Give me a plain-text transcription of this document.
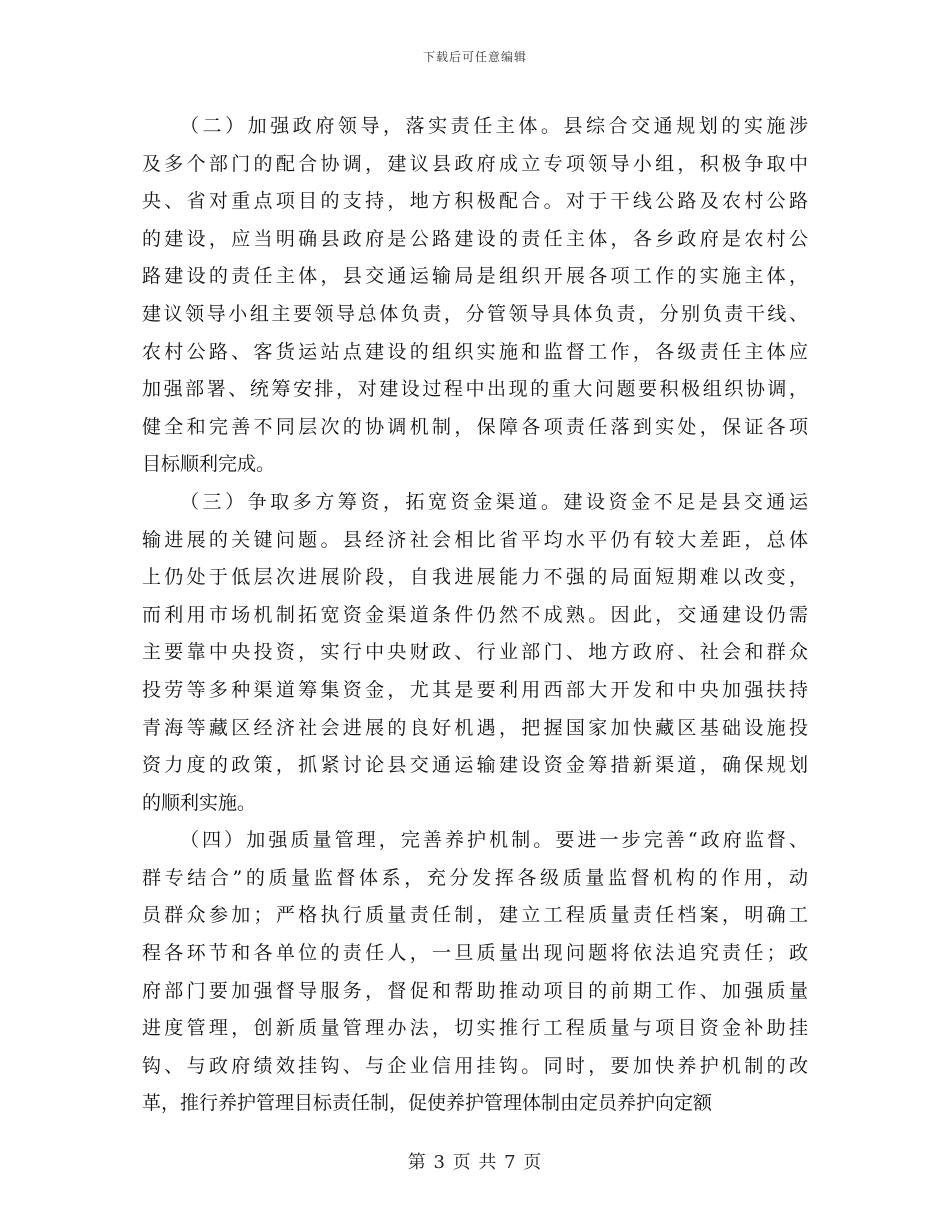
下载后可任意编辑
（二）加强政府领导，落实责任主体。县综合交通规划的实施涉
及多个部门的配合协调，建议县政府成立专项领导小组，积极争取中
央、省对重点项目的支持，地方积极配合。对于干线公路及农村公路
的建设，应当明确县政府是公路建设的责任主体，各乡政府是农村公
路建设的责任主体，县交通运输局是组织开展各项工作的实施主体，
建议领导小组主要领导总体负责，分管领导具体负责，分别负责干线、
农村公路、客货运站点建设的组织实施和监督工作，各级责任主体应
加强部署、统筹安排，对建设过程中出现的重大问题要积极组织协调，
健全和完善不同层次的协调机制，保障各项责任落到实处，保证各项
目标顺利完成。
（三）争取多方筹资，拓宽资金渠道。建设资金不足是县交通运
输进展的关键问题。县经济社会相比省平均水平仍有较大差距，总体
上仍处于低层次进展阶段，自我进展能力不强的局面短期难以改变，
而利用市场机制拓宽资金渠道条件仍然不成熟。因此，交通建设仍需
主要靠中央投资，实行中央财政、行业部门、地方政府、社会和群众
投劳等多种渠道筹集资金，尤其是要利用西部大开发和中央加强扶持
青海等藏区经济社会进展的良好机遇，把握国家加快藏区基础设施投
资力度的政策，抓紧讨论县交通运输建设资金筹措新渠道，确保规划
的顺利实施。
（四）加强质量管理，完善养护机制。要进一步完善“政府监督、
群专结合”的质量监督体系，充分发挥各级质量监督机构的作用，动
员群众参加；严格执行质量责任制，建立工程质量责任档案，明确工
程各环节和各单位的责任人，一旦质量出现问题将依法追究责任；政
府部门要加强督导服务，督促和帮助推动项目的前期工作、加强质量
进度管理，创新质量管理办法，切实推行工程质量与项目资金补助挂
钩、与政府绩效挂钩、与企业信用挂钩。同时，要加快养护机制的改
革，推行养护管理目标责任制，促使养护管理体制由定员养护向定额
第 3 页 共 7 页
